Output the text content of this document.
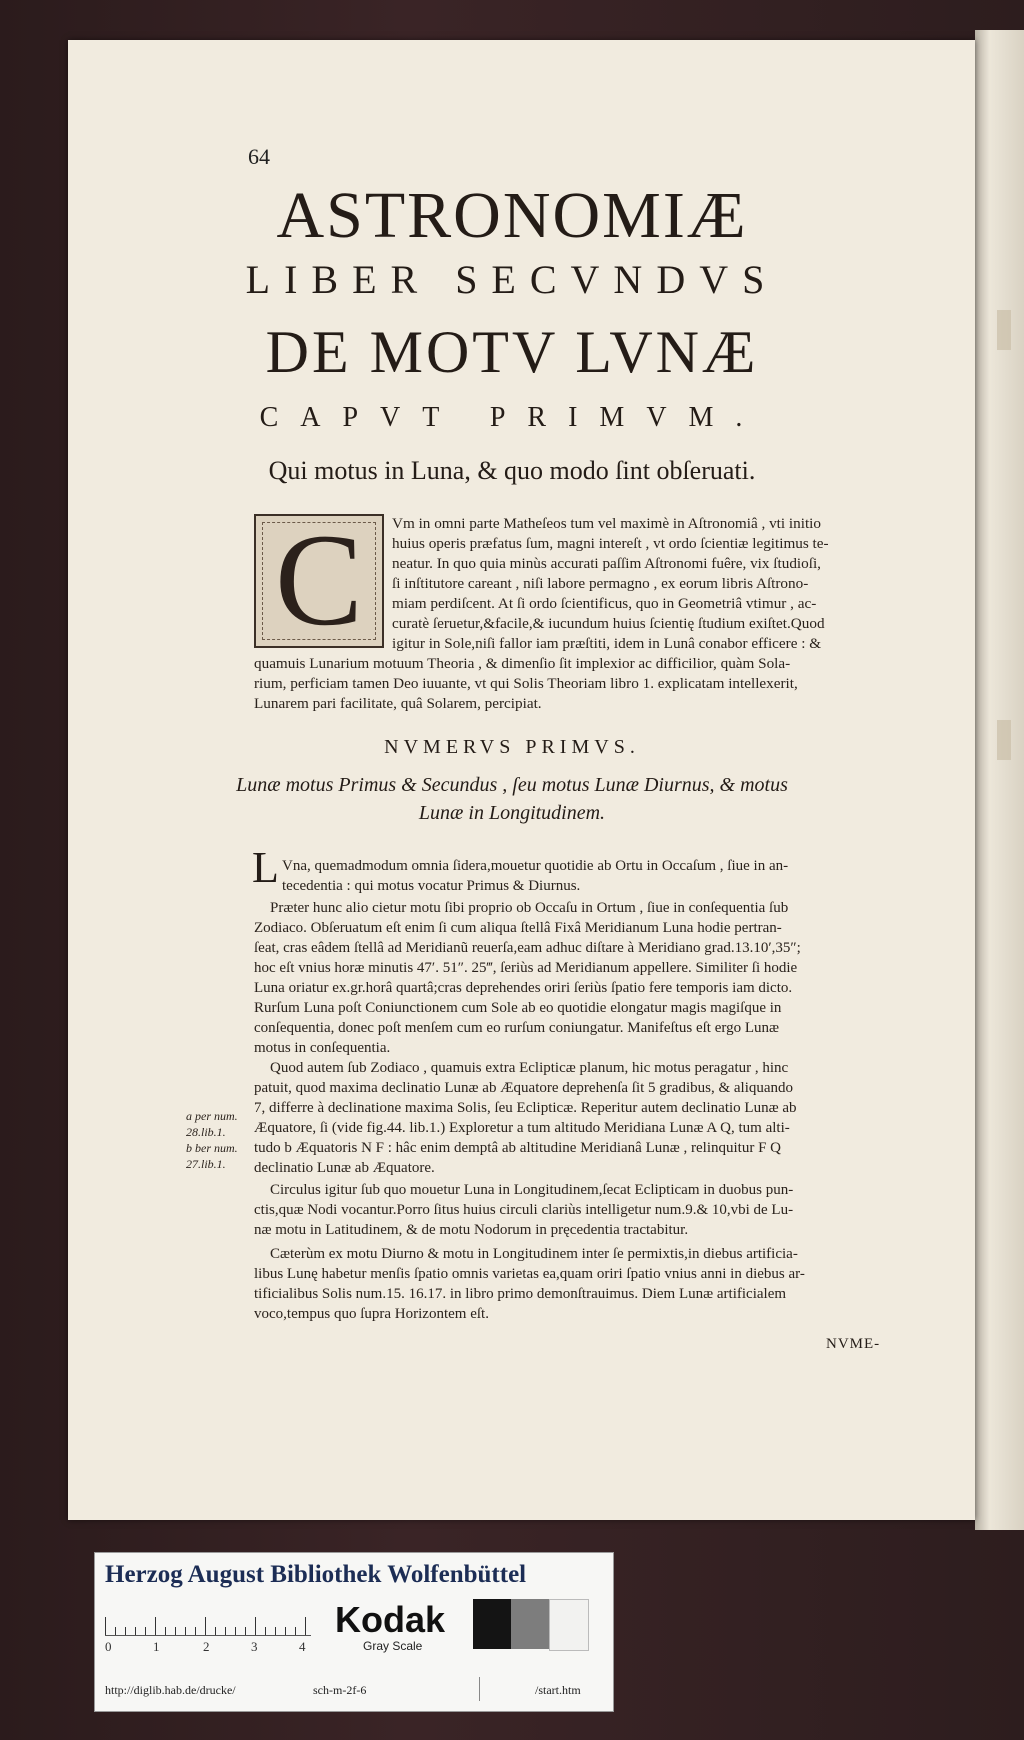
64
ASTRONOMIÆ
LIBER SECVNDVS
DE MOTV LVNÆ
CAPVT PRIMVM.
Qui motus in Luna, & quo modo ſint obſeruati.
C	Vm in omni parte Matheſeos tum vel maximè in Aſtronomiâ , vti initio
huius operis præfatus ſum, magni intereſt , vt ordo ſcientiæ legitimus te-
neatur. In quo quia minùs accurati paſſim Aſtronomi fuêre, vix ſtudioſi,
ſi inſtitutore careant , niſi labore permagno , ex eorum libris Aſtrono-
miam perdiſcent. At ſi ordo ſcientificus, quo in Geometriâ vtimur , ac-
curatè ſeruetur,&facile,& iucundum huius ſcientię ſtudium exiſtet.Quod
igitur in Sole,niſi fallor iam præſtiti, idem in Lunâ conabor efficere : &
quamuis Lunarium motuum Theoria , & dimenſio ſit implexior ac difficilior, quàm Sola-
rium, perficiam tamen Deo iuuante, vt qui Solis Theoriam libro 1. explicatam intellexerit,
Lunarem pari facilitate, quâ Solarem, percipiat.
NVMERVS PRIMVS.
Lunæ motus Primus & Secundus , ſeu motus Lunæ Diurnus, & motus
Lunæ in Longitudinem.
L Vna, quemadmodum omnia ſidera,mouetur quotidie ab Ortu in Occaſum , ſiue in an-
tecedentia : qui motus vocatur Primus & Diurnus.
Præter hunc alio cietur motu ſibi proprio ob Occaſu in Ortum , ſiue in conſequentia ſub
Zodiaco. Obſeruatum eſt enim ſi cum aliqua ſtellâ Fixâ Meridianum Luna hodie pertran-
ſeat, cras eâdem ſtellâ ad Meridianũ reuerſa,eam adhuc diſtare à Meridiano grad.13.10′,35″;
hoc eſt vnius horæ minutis 47′. 51″. 25‴, ſeriùs ad Meridianum appellere. Similiter ſi hodie
Luna oriatur ex.gr.horâ quartâ;cras deprehendes oriri ſeriùs ſpatio fere temporis iam dicto.
Rurſum Luna poſt Coniunctionem cum Sole ab eo quotidie elongatur magis magiſque in
conſequentia, donec poſt menſem cum eo rurſum coniungatur. Manifeſtus eſt ergo Lunæ
motus in conſequentia.
Quod autem ſub Zodiaco , quamuis extra Eclipticæ planum, hic motus peragatur , hinc
patuit, quod maxima declinatio Lunæ ab Æquatore deprehenſa ſit 5 gradibus, & aliquando
7, differre à declinatione maxima Solis, ſeu Eclipticæ. Reperitur autem declinatio Lunæ ab
Æquatore, ſi (vide fig.44. lib.1.) Exploretur a tum altitudo Meridiana Lunæ A Q, tum alti-
tudo b Æquatoris N F : hâc enim demptâ ab altitudine Meridianâ Lunæ , relinquitur F Q
declinatio Lunæ ab Æquatore.
a per num.
28.lib.1.
b ber num.
27.lib.1.
Circulus igitur ſub quo mouetur Luna in Longitudinem,ſecat Eclipticam in duobus pun-
ctis,quæ Nodi vocantur.Porro ſitus huius circuli clariùs intelligetur num.9.& 10,vbi de Lu-
næ motu in Latitudinem, & de motu Nodorum in pręcedentia tractabitur.
Cæterùm ex motu Diurno & motu in Longitudinem inter ſe permixtis,in diebus artificia-
libus Lunę habetur menſis ſpatio omnis varietas ea,quam oriri ſpatio vnius anni in diebus ar-
tificialibus Solis num.15. 16.17. in libro primo demonſtrauimus. Diem Lunæ artificialem
voco,tempus quo ſupra Horizontem eſt.
NVME-
Herzog August Bibliothek Wolfenbüttel
0	1	2	3	4
Kodak
Gray Scale
http://diglib.hab.de/drucke/	sch-m-2f-6	/start.htm
